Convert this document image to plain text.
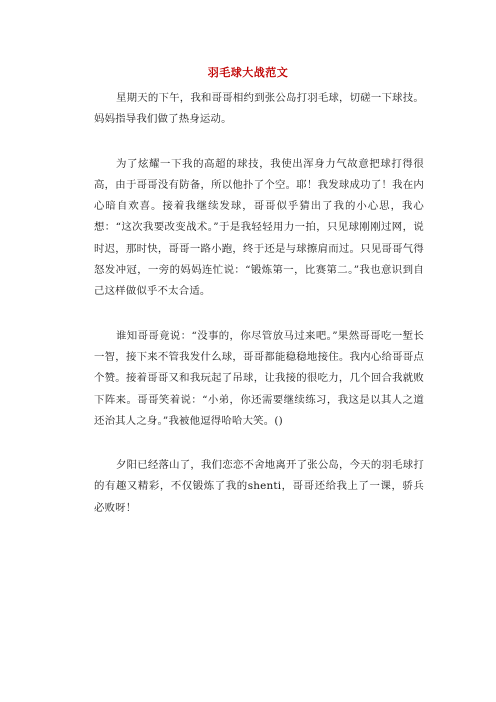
羽毛球大战范文

星期天的下午，我和哥哥相约到张公岛打羽毛球，切磋一下球技。妈妈指导我们做了热身运动。

为了炫耀一下我的高超的球技，我使出浑身力气故意把球打得很高，由于哥哥没有防备，所以他扑了个空。耶！我发球成功了！我在内心暗自欢喜。接着我继续发球，哥哥似乎猜出了我的小心思，我心想：“这次我要改变战术。”于是我轻轻用力一拍，只见球刚刚过网，说时迟，那时快，哥哥一路小跑，终于还是与球擦肩而过。只见哥哥气得怒发冲冠，一旁的妈妈连忙说：“锻炼第一，比赛第二。”我也意识到自己这样做似乎不太合适。

谁知哥哥竟说：“没事的，你尽管放马过来吧。”果然哥哥吃一堑长一智，接下来不管我发什么球，哥哥都能稳稳地接住。我内心给哥哥点个赞。接着哥哥又和我玩起了吊球，让我接的很吃力，几个回合我就败下阵来。哥哥笑着说：“小弟，你还需要继续练习，我这是以其人之道还治其人之身。”我被他逗得哈哈大笑。()

夕阳已经落山了，我们恋恋不舍地离开了张公岛，今天的羽毛球打的有趣又精彩，不仅锻炼了我的shenti，哥哥还给我上了一课，骄兵必败呀！
